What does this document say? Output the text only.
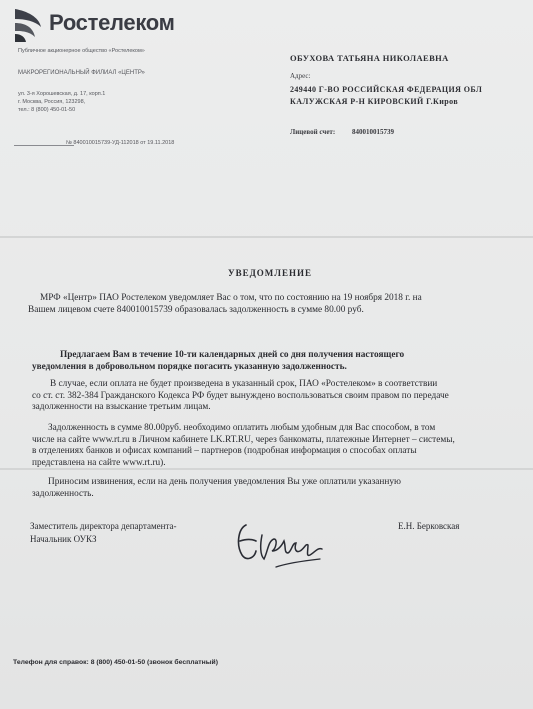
Ростелеком
Публичное акционерное общество «Ростелеком»
МАКРОРЕГИОНАЛЬНЫЙ ФИЛИАЛ «ЦЕНТР»
ул. 3-я Хорошевская, д. 17, корп.1
г. Москва, Россия, 123298,
тел.: 8 (800) 450-01-50
№ 840010015739-УД-112018 от 19.11.2018
ОБУХОВА ТАТЬЯНА НИКОЛАЕВНА
Адрес:
249440 Г-ВО РОССИЙСКАЯ ФЕДЕРАЦИЯ ОБЛ
КАЛУЖСКАЯ Р-Н КИРОВСКИЙ Г.Киров
Лицевой счет: 840010015739
УВЕДОМЛЕНИЕ
МРФ «Центр» ПАО Ростелеком уведомляет Вас о том, что по состоянию на 19 ноября 2018 г. на
Вашем лицевом счете 840010015739 образовалась задолженность в сумме 80.00 руб.
Предлагаем Вам в течение 10-ти календарных дней со дня получения настоящего
уведомления в добровольном порядке погасить указанную задолженность.
В случае, если оплата не будет произведена в указанный срок, ПАО «Ростелеком» в соответствии
со ст. ст. 382-384 Гражданского Кодекса РФ будет вынуждено воспользоваться своим правом по передаче
задолженности на взыскание третьим лицам.
Задолженность в сумме 80.00руб. необходимо оплатить любым удобным для Вас способом, в том
числе на сайте www.rt.ru в Личном кабинете LK.RT.RU, через банкоматы, платежные Интернет – системы,
в отделениях банков и офисах компаний – партнеров (подробная информация о способах оплаты
представлена на сайте www.rt.ru).
Приносим извинения, если на день получения уведомления Вы уже оплатили указанную
задолженность.
Заместитель директора департамента-
Начальник ОУКЗ
Е.Н. Берковская
Телефон для справок: 8 (800) 450-01-50 (звонок бесплатный)
